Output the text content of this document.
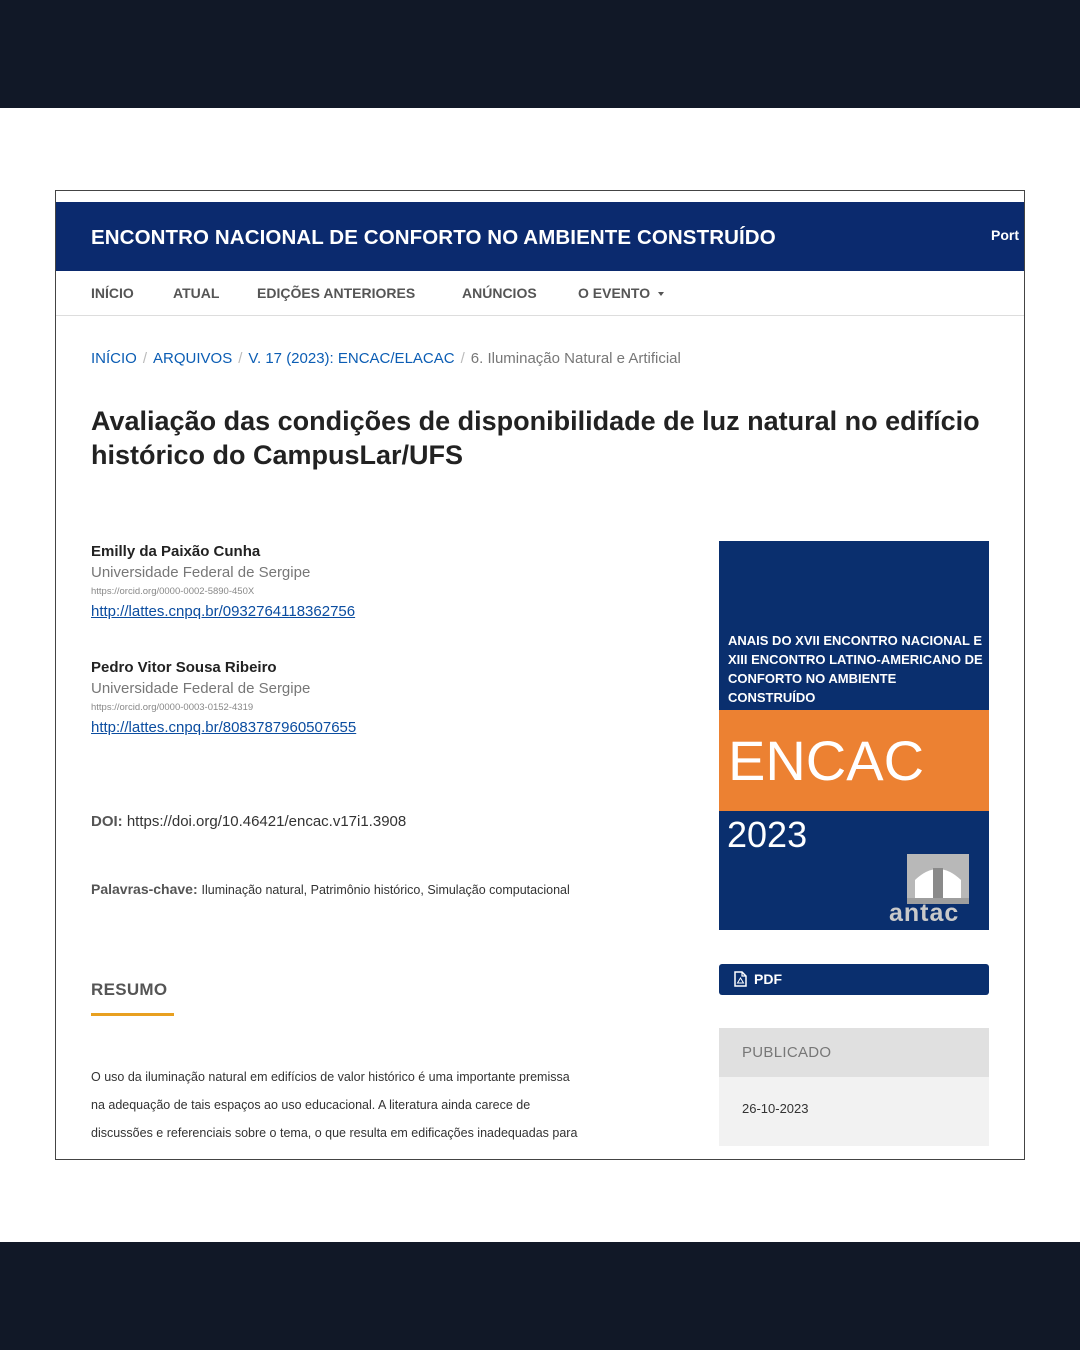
ENCONTRO NACIONAL DE CONFORTO NO AMBIENTE CONSTRUÍDO	Port
INÍCIO	ATUAL	EDIÇÕES ANTERIORES	ANÚNCIOS	O EVENTO
INÍCIO / ARQUIVOS / V. 17 (2023): ENCAC/ELACAC / 6. Iluminação Natural e Artificial
Avaliação das condições de disponibilidade de luz natural no edifício histórico do CampusLar/UFS
Emilly da Paixão Cunha
Universidade Federal de Sergipe
https://orcid.org/0000-0002-5890-450X
http://lattes.cnpq.br/0932764118362756
Pedro Vitor Sousa Ribeiro
Universidade Federal de Sergipe
https://orcid.org/0000-0003-0152-4319
http://lattes.cnpq.br/8083787960507655
DOI: https://doi.org/10.46421/encac.v17i1.3908
Palavras-chave: Iluminação natural, Patrimônio histórico, Simulação computacional
RESUMO
O uso da iluminação natural em edifícios de valor histórico é uma importante premissa
na adequação de tais espaços ao uso educacional. A literatura ainda carece de
discussões e referenciais sobre o tema, o que resulta em edificações inadequadas para
ANAIS DO XVII ENCONTRO NACIONAL E XIII ENCONTRO LATINO-AMERICANO DE CONFORTO NO AMBIENTE CONSTRUÍDO
ENCAC
2023
antac
PDF
PUBLICADO
26-10-2023
